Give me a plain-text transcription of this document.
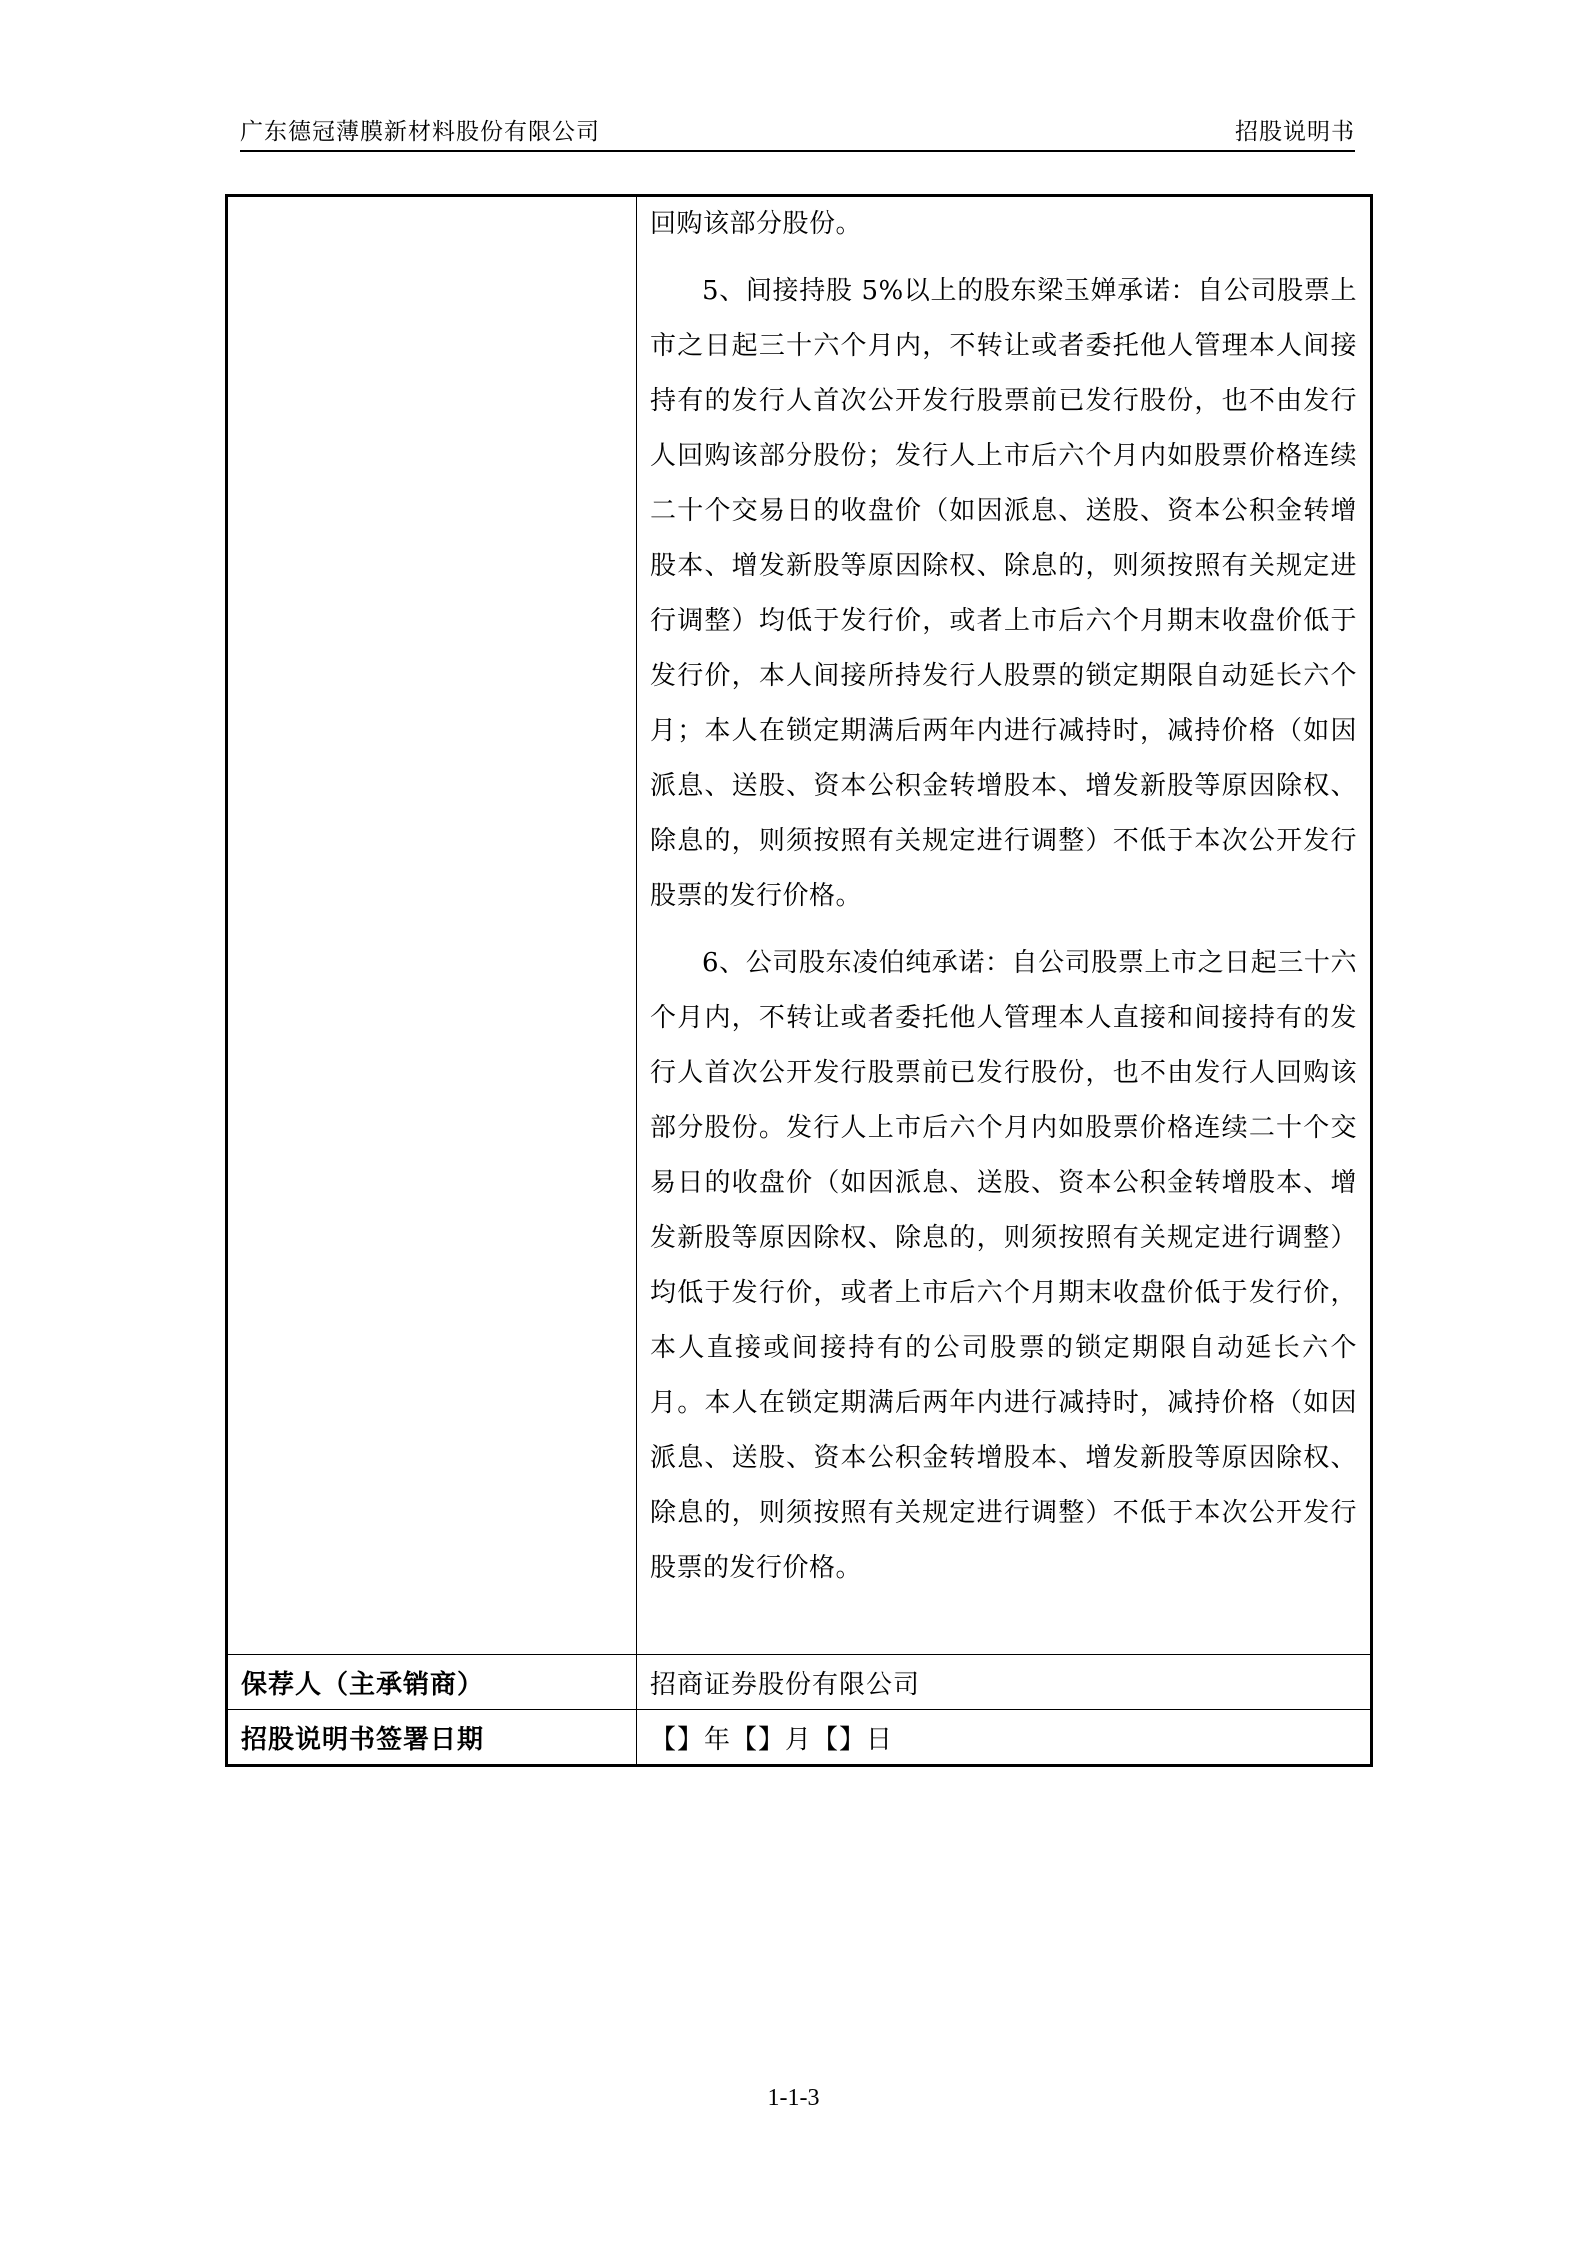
广东德冠薄膜新材料股份有限公司	招股说明书

回购该部分股份。

5、间接持股 5%以上的股东梁玉婵承诺：自公司股票上市之日起三十六个月内，不转让或者委托他人管理本人间接持有的发行人首次公开发行股票前已发行股份，也不由发行人回购该部分股份；发行人上市后六个月内如股票价格连续二十个交易日的收盘价（如因派息、送股、资本公积金转增股本、增发新股等原因除权、除息的，则须按照有关规定进行调整）均低于发行价，或者上市后六个月期末收盘价低于发行价，本人间接所持发行人股票的锁定期限自动延长六个月；本人在锁定期满后两年内进行减持时，减持价格（如因派息、送股、资本公积金转增股本、增发新股等原因除权、除息的，则须按照有关规定进行调整）不低于本次公开发行股票的发行价格。

6、公司股东凌伯纯承诺：自公司股票上市之日起三十六个月内，不转让或者委托他人管理本人直接和间接持有的发行人首次公开发行股票前已发行股份，也不由发行人回购该部分股份。发行人上市后六个月内如股票价格连续二十个交易日的收盘价（如因派息、送股、资本公积金转增股本、增发新股等原因除权、除息的，则须按照有关规定进行调整）均低于发行价，或者上市后六个月期末收盘价低于发行价，本人直接或间接持有的公司股票的锁定期限自动延长六个月。本人在锁定期满后两年内进行减持时，减持价格（如因派息、送股、资本公积金转增股本、增发新股等原因除权、除息的，则须按照有关规定进行调整）不低于本次公开发行股票的发行价格。

保荐人（主承销商）	招商证券股份有限公司
招股说明书签署日期	【】年【】月【】日
1-1-3
